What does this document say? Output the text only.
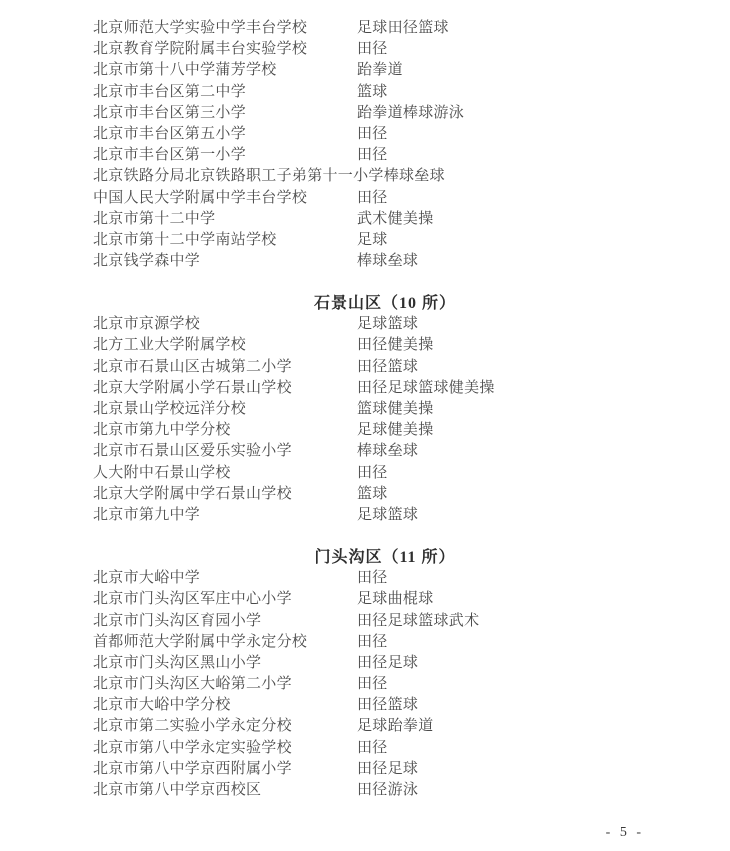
北京师范大学实验中学丰台学校	足球田径篮球
北京教育学院附属丰台实验学校	田径
北京市第十八中学蒲芳学校	跆拳道
北京市丰台区第二中学	篮球
北京市丰台区第三小学	跆拳道棒球游泳
北京市丰台区第五小学	田径
北京市丰台区第一小学	田径
北京铁路分局北京铁路职工子弟第十一小学 棒球垒球
中国人民大学附属中学丰台学校	田径
北京市第十二中学	武术健美操
北京市第十二中学南站学校	足球
北京钱学森中学	棒球垒球
石景山区（10 所）
北京市京源学校	足球篮球
北方工业大学附属学校	田径健美操
北京市石景山区古城第二小学	田径篮球
北京大学附属小学石景山学校	田径足球篮球健美操
北京景山学校远洋分校	篮球健美操
北京市第九中学分校	足球健美操
北京市石景山区爱乐实验小学	棒球垒球
人大附中石景山学校	田径
北京大学附属中学石景山学校	篮球
北京市第九中学	足球篮球
门头沟区（11 所）
北京市大峪中学	田径
北京市门头沟区军庄中心小学	足球曲棍球
北京市门头沟区育园小学	田径足球篮球武术
首都师范大学附属中学永定分校	田径
北京市门头沟区黑山小学	田径足球
北京市门头沟区大峪第二小学	田径
北京市大峪中学分校	田径篮球
北京市第二实验小学永定分校	足球跆拳道
北京市第八中学永定实验学校	田径
北京市第八中学京西附属小学	田径足球
北京市第八中学京西校区	田径游泳
- 5 -
